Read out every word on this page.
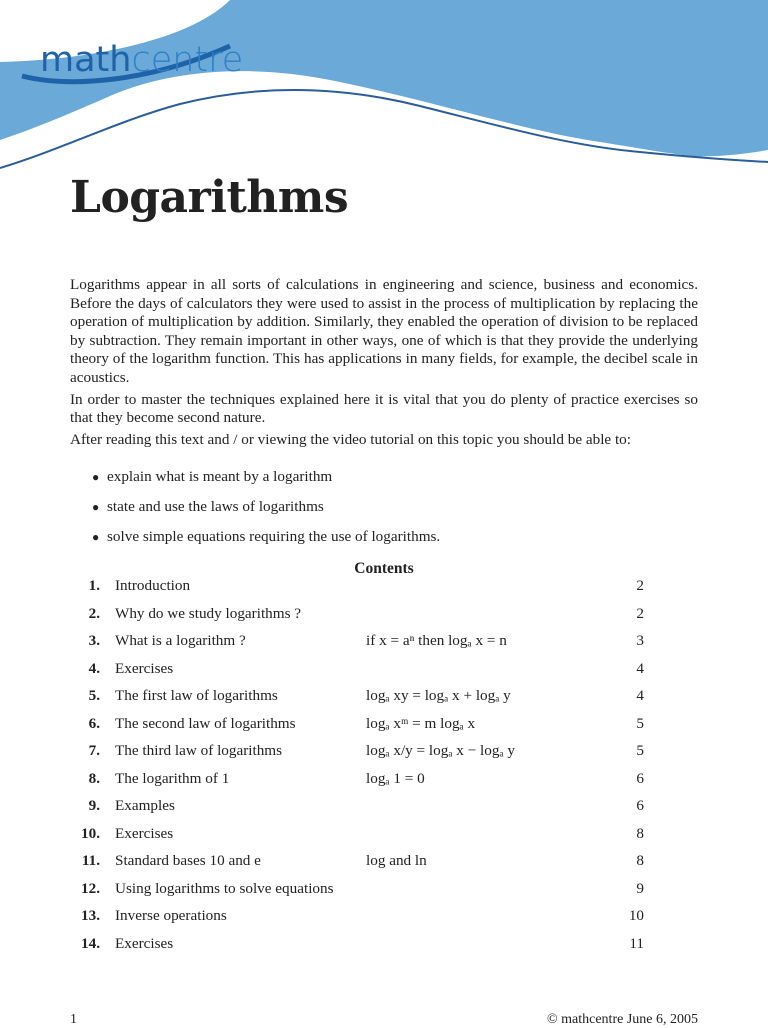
mathcentre
Logarithms

Logarithms appear in all sorts of calculations in engineering and science, business and economics. Before the days of calculators they were used to assist in the process of multiplication by replacing the operation of multiplication by addition. Similarly, they enabled the operation of division to be replaced by subtraction. They remain important in other ways, one of which is that they provide the underlying theory of the logarithm function. This has applications in many fields, for example, the decibel scale in acoustics.

In order to master the techniques explained here it is vital that you do plenty of practice exercises so that they become second nature.

After reading this text and / or viewing the video tutorial on this topic you should be able to:

● explain what is meant by a logarithm
● state and use the laws of logarithms
● solve simple equations requiring the use of logarithms.
Contents
1. Introduction	2
2. Why do we study logarithms ?	2
3. What is a logarithm ?	if x = aⁿ then logₐ x = n	3
4. Exercises	4
5. The first law of logarithms	logₐ xy = logₐ x + logₐ y	4
6. The second law of logarithms	logₐ xᵐ = m logₐ x	5
7. The third law of logarithms	logₐ x/y = logₐ x − logₐ y	5
8. The logarithm of 1	logₐ 1 = 0	6
9. Examples	6
10. Exercises	8
11. Standard bases 10 and e	log and ln	8
12. Using logarithms to solve equations	9
13. Inverse operations	10
14. Exercises	11
1	© mathcentre June 6, 2005
